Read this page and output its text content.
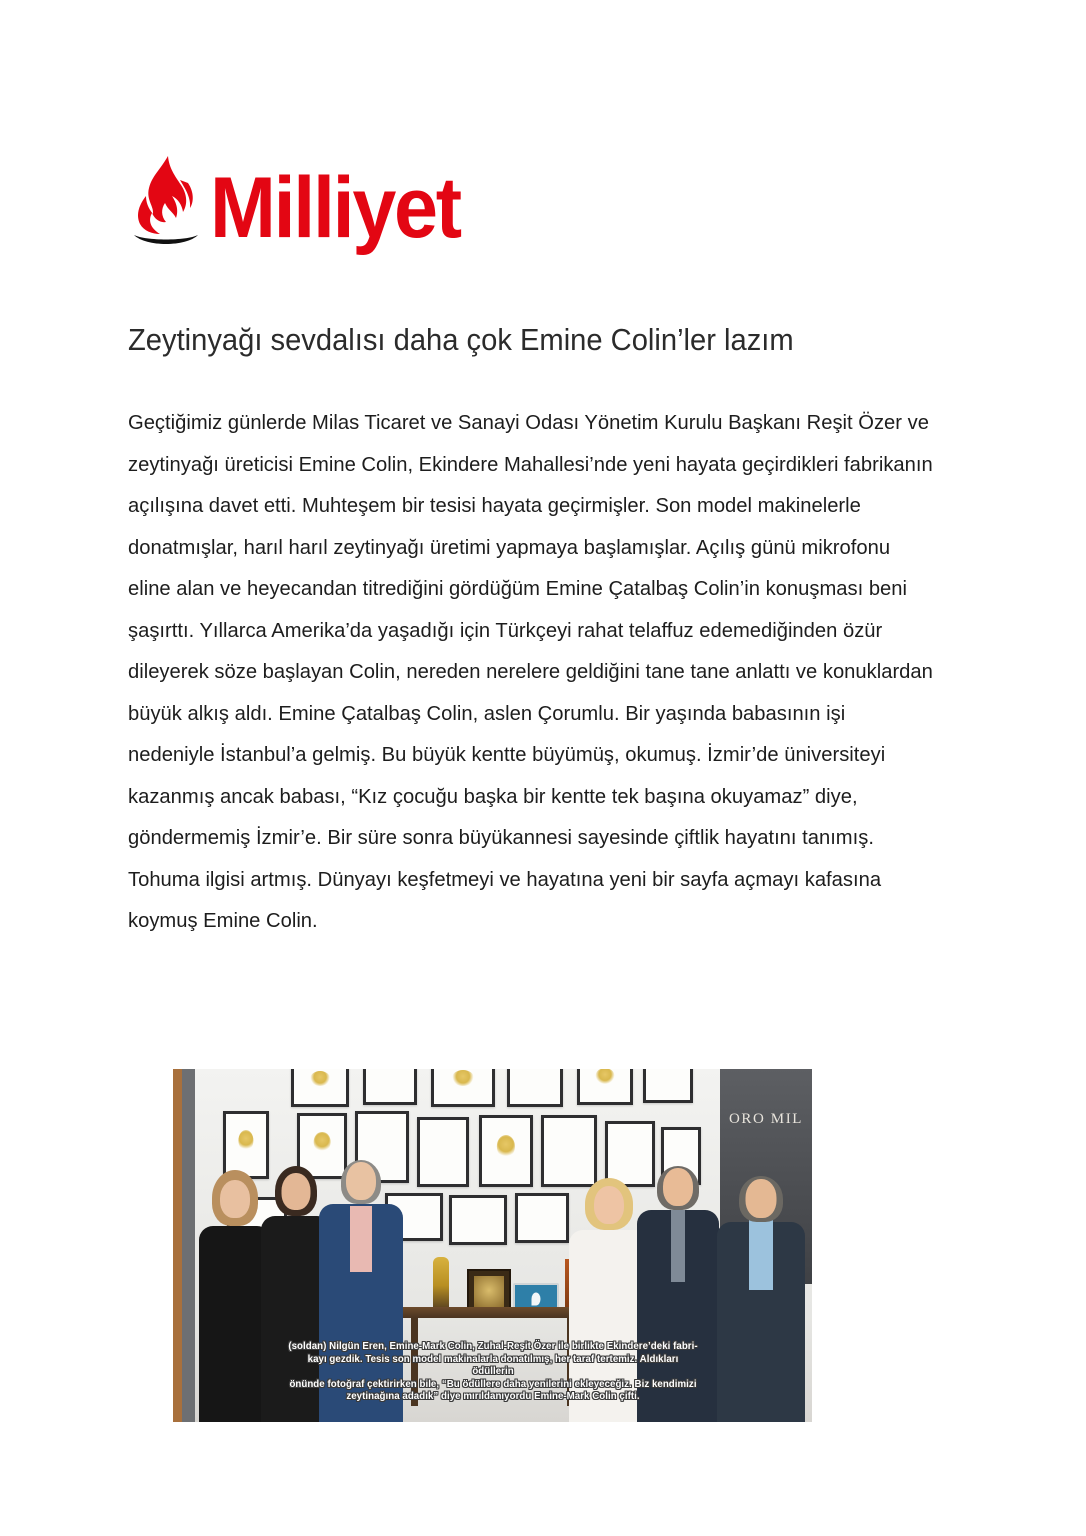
Milliyet
Zeytinyağı sevdalısı daha çok Emine Colin’ler lazım

Geçtiğimiz günlerde Milas Ticaret ve Sanayi Odası Yönetim Kurulu Başkanı Reşit Özer ve zeytinyağı üreticisi Emine Colin, Ekindere Mahallesi’nde yeni hayata geçirdikleri fabrikanın açılışına davet etti. Muhteşem bir tesisi hayata geçirmişler. Son model makinelerle donatmışlar, harıl harıl zeytinyağı üretimi yapmaya başlamışlar. Açılış günü mikrofonu eline alan ve heyecandan titrediğini gördüğüm Emine Çatalbaş Colin’in konuşması beni şaşırttı. Yıllarca Amerika’da yaşadığı için Türkçeyi rahat telaffuz edemediğinden özür dileyerek söze başlayan Colin, nereden nerelere geldiğini tane tane anlattı ve konuklardan büyük alkış aldı. Emine Çatalbaş Colin, aslen Çorumlu. Bir yaşında babasının işi nedeniyle İstanbul’a gelmiş. Bu büyük kentte büyümüş, okumuş. İzmir’de üniversiteyi kazanmış ancak babası, “Kız çocuğu başka bir kentte tek başına okuyamaz” diye, göndermemiş İzmir’e. Bir süre sonra büyükannesi sayesinde çiftlik hayatını tanımış. Tohuma ilgisi artmış. Dünyayı keşfetmeyi ve hayatına yeni bir sayfa açmayı kafasına koymuş Emine Colin.

ORO MIL
(soldan) Nilgün Eren, Emine-Mark Colin, Zuhal-Reşit Özer ile birlikte Ekindere’deki fabri-
kayı gezdik. Tesis son model makinalarla donatılmış, her taraf tertemiz. Aldıkları ödüllerin
önünde fotoğraf çektirirken bile, “Bu ödüllere daha yenilerini ekleyeceğiz. Biz kendimizi
zeytinağına adadık” diye mırıldanıyordu Emine-Mark Colin çifti.
